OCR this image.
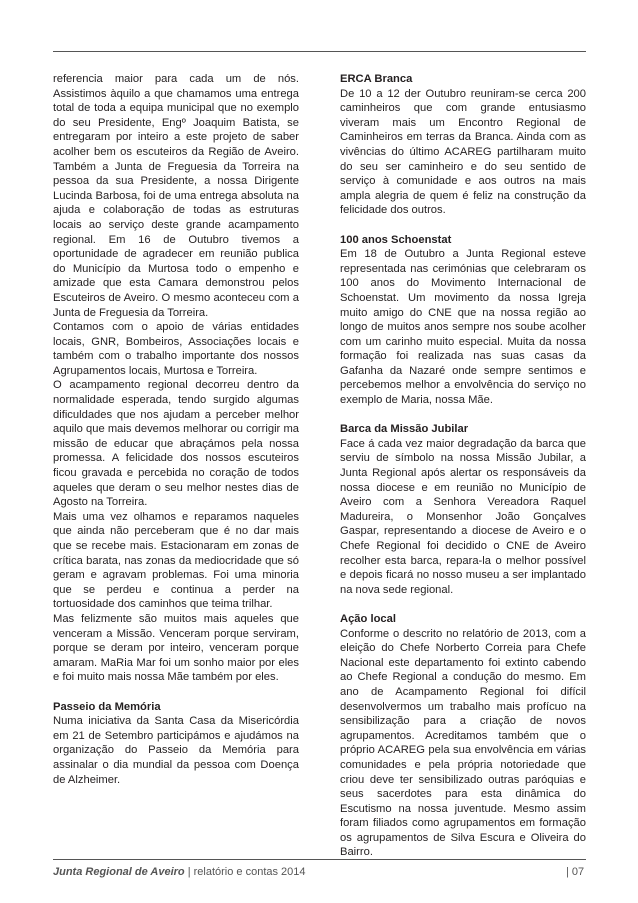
referencia maior para cada um de nós. Assistimos àquilo a que chamamos uma entrega total de toda a equipa municipal que no exemplo do seu Presidente, Engº Joaquim Batista, se entregaram por inteiro a este projeto de saber acolher bem os escuteiros da Região de Aveiro. Também a Junta de Freguesia da Torreira na pessoa da sua Presidente, a nossa Dirigente Lucinda Barbosa, foi de uma entrega absoluta na ajuda e colaboração de todas as estruturas locais ao serviço deste grande acampamento regional. Em 16 de Outubro tivemos a oportunidade de agradecer em reunião publica do Município da Murtosa todo o empenho e amizade que esta Camara demonstrou pelos Escuteiros de Aveiro. O mesmo aconteceu com a Junta de Freguesia da Torreira.

Contamos com o apoio de várias entidades locais, GNR, Bombeiros, Associações locais e também com o trabalho importante dos nossos Agrupamentos locais, Murtosa e Torreira.

O acampamento regional decorreu dentro da normalidade esperada, tendo surgido algumas dificuldades que nos ajudam a perceber melhor aquilo que mais devemos melhorar ou corrigir ma missão de educar que abraçámos pela nossa promessa. A felicidade dos nossos escuteiros ficou gravada e percebida no coração de todos aqueles que deram o seu melhor nestes dias de Agosto na Torreira.

Mais uma vez olhamos e reparamos naqueles que ainda não perceberam que é no dar mais que se recebe mais. Estacionaram em zonas de crítica barata, nas zonas da mediocridade que só geram e agravam problemas. Foi uma minoria que se perdeu e continua a perder na tortuosidade dos caminhos que teima trilhar.

Mas felizmente são muitos mais aqueles que venceram a Missão. Venceram porque serviram, porque se deram por inteiro, venceram porque amaram. MaRia Mar foi um sonho maior por eles e foi muito mais nossa Mãe também por eles.

Passeio da Memória

Numa iniciativa da Santa Casa da Misericórdia em 21 de Setembro participámos e ajudámos na organização do Passeio da Memória para assinalar o dia mundial da pessoa com Doença de Alzheimer.

ERCA Branca

De 10 a 12 der Outubro reuniram-se cerca 200 caminheiros que com grande entusiasmo viveram mais um Encontro Regional de Caminheiros em terras da Branca. Ainda com as vivências do último ACAREG partilharam muito do seu ser caminheiro e do seu sentido de serviço à comunidade e aos outros na mais ampla alegria de quem é feliz na construção da felicidade dos outros.

100 anos Schoenstat

Em 18 de Outubro a Junta Regional esteve representada nas cerimónias que celebraram os 100 anos do Movimento Internacional de Schoenstat. Um movimento da nossa Igreja muito amigo do CNE que na nossa região ao longo de muitos anos sempre nos soube acolher com um carinho muito especial. Muita da nossa formação foi realizada nas suas casas da Gafanha da Nazaré onde sempre sentimos e percebemos melhor a envolvência do serviço no exemplo de Maria, nossa Mãe.

Barca da Missão Jubilar

Face á cada vez maior degradação da barca que serviu de símbolo na nossa Missão Jubilar, a Junta Regional após alertar os responsáveis da nossa diocese e em reunião no Município de Aveiro com a Senhora Vereadora Raquel Madureira, o Monsenhor João Gonçalves Gaspar, representando a diocese de Aveiro e o Chefe Regional foi decidido o CNE de Aveiro recolher esta barca, repara-la o melhor possível e depois ficará no nosso museu a ser implantado na nova sede regional.

Ação local

Conforme o descrito no relatório de 2013, com a eleição do Chefe Norberto Correia para Chefe Nacional este departamento foi extinto cabendo ao Chefe Regional a condução do mesmo. Em ano de Acampamento Regional foi difícil desenvolvermos um trabalho mais profícuo na sensibilização para a criação de novos agrupamentos. Acreditamos também que o próprio ACAREG pela sua envolvência em várias comunidades e pela própria notoriedade que criou deve ter sensibilizado outras paróquias e seus sacerdotes para esta dinâmica do Escutismo na nossa juventude. Mesmo assim foram filiados como agrupamentos em formação os agrupamentos de Silva Escura e Oliveira do Bairro.

Junta Regional de Aveiro | relatório e contas 2014	| 07
